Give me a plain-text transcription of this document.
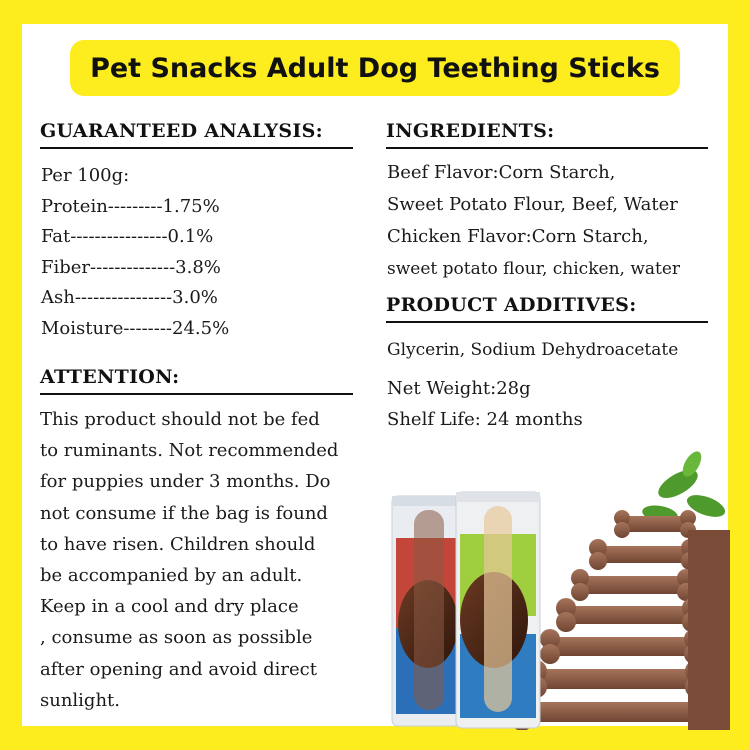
Pet Snacks Adult Dog Teething Sticks
GUARANTEED ANALYSIS:
Per 100g:
Protein---------1.75%
Fat----------------0.1%
Fiber--------------3.8%
Ash----------------3.0%
Moisture--------24.5%
ATTENTION:
This product should not be fed
to ruminants. Not recommended
for puppies under 3 months. Do
not consume if the bag is found
to have risen. Children should
be accompanied by an adult.
Keep in a cool and dry place
, consume as soon as possible
after opening and avoid direct
sunlight.
INGREDIENTS:
Beef Flavor:Corn Starch,
Sweet Potato Flour, Beef, Water
Chicken Flavor:Corn Starch,
sweet potato flour, chicken, water
PRODUCT ADDITIVES:
Glycerin, Sodium Dehydroacetate
Net Weight:28g
Shelf Life: 24 months
